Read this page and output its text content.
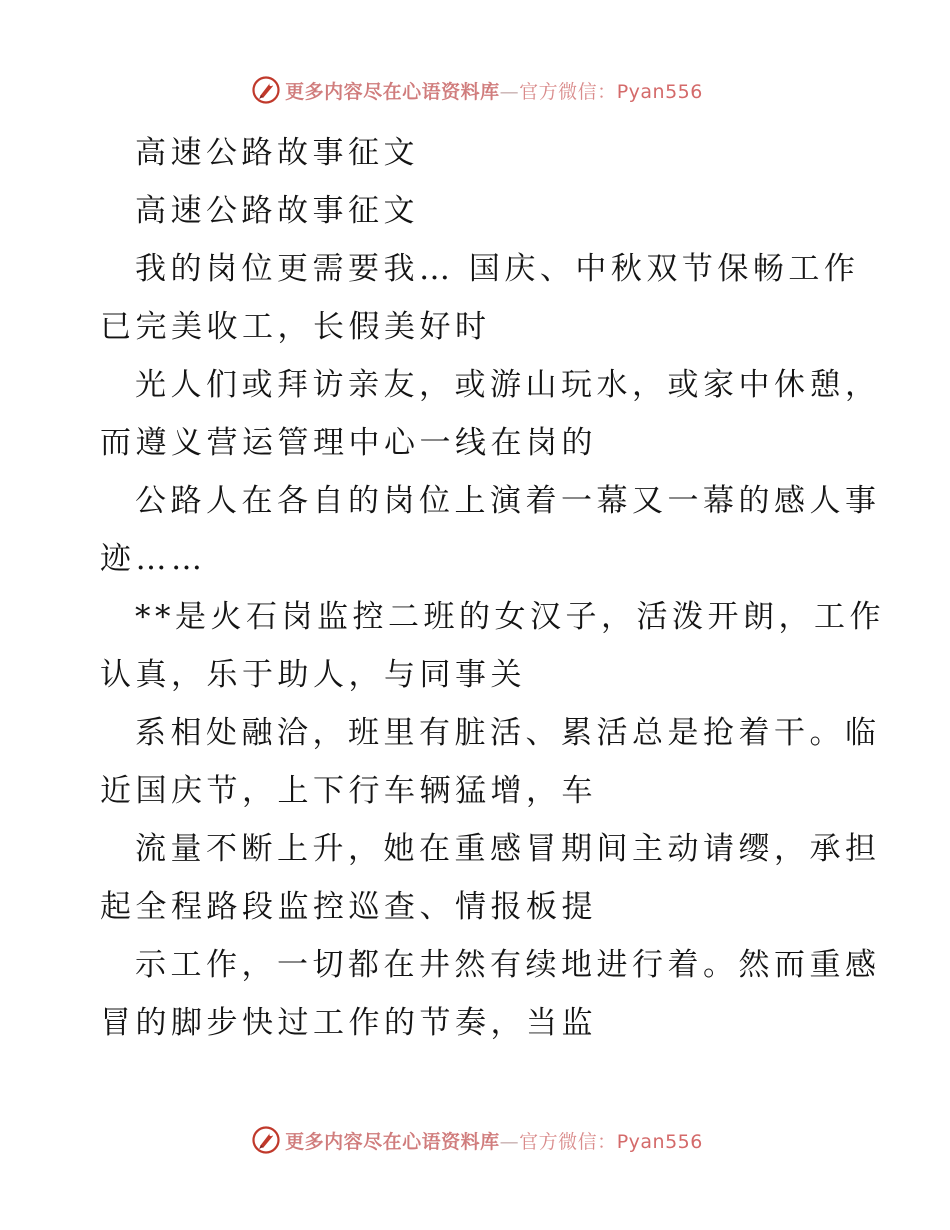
更多内容尽在心语资料库—官方微信：Pyan556
高速公路故事征文
高速公路故事征文
我的岗位更需要我… 国庆、中秋双节保畅工作
已完美收工，长假美好时
光人们或拜访亲友，或游山玩水，或家中休憩，
而遵义营运管理中心一线在岗的
公路人在各自的岗位上演着一幕又一幕的感人事
迹……
**是火石岗监控二班的女汉子，活泼开朗，工作
认真，乐于助人，与同事关
系相处融洽，班里有脏活、累活总是抢着干。临
近国庆节，上下行车辆猛增，车
流量不断上升，她在重感冒期间主动请缨，承担
起全程路段监控巡查、情报板提
示工作，一切都在井然有续地进行着。然而重感
冒的脚步快过工作的节奏，当监
更多内容尽在心语资料库—官方微信：Pyan556
